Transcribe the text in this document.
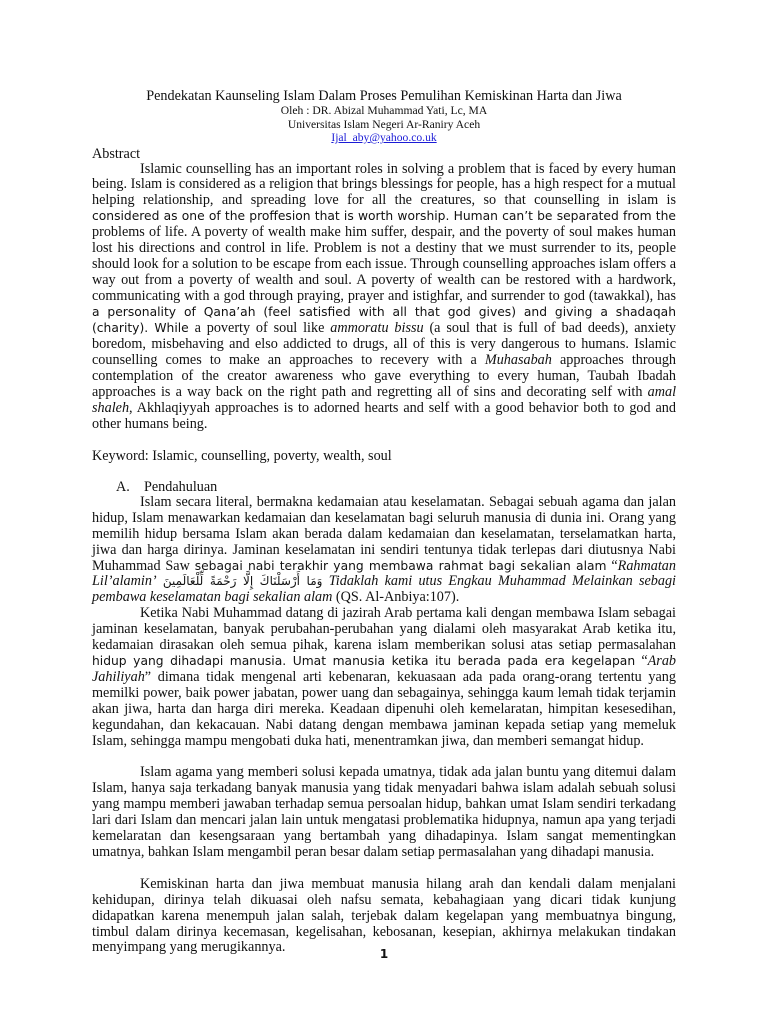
Pendekatan Kaunseling Islam Dalam Proses Pemulihan Kemiskinan Harta dan Jiwa
Oleh : DR. Abizal Muhammad Yati, Lc, MA
Universitas Islam Negeri Ar-Raniry Aceh
Ijal_aby@yahoo.co.uk
Abstract

Islamic counselling has an important roles in solving a problem that is faced by every human being. Islam is considered as a religion that brings blessings for people, has a high respect for a mutual helping relationship, and spreading love for all the creatures, so that counselling in islam is considered as one of the proffesion that is worth worship. Human can’t be separated from the problems of life. A poverty of wealth make him suffer, despair, and the poverty of soul makes human lost his directions and control in life. Problem is not a destiny that we must surrender to its, people should look for a solution to be escape from each issue. Through counselling approaches islam offers a way out from a poverty of wealth and soul. A poverty of wealth can be restored with a hardwork, communicating with a god through praying, prayer and istighfar, and surrender to god (tawakkal), has a personality of Qana’ah (feel satisfied with all that god gives) and giving a shadaqah (charity). While a poverty of soul like ammoratu bissu (a soul that is full of bad deeds), anxiety boredom, misbehaving and elso addicted to drugs, all of this is very dangerous to humans. Islamic counselling comes to make an approaches to recevery with a Muhasabah approaches through contemplation of the creator awareness who gave everything to every human, Taubah Ibadah approaches is a way back on the right path and regretting all of sins and decorating self with amal shaleh, Akhlaqiyyah approaches is to adorned hearts and self with a good behavior both to god and other humans being.

Keyword: Islamic, counselling, poverty, wealth, soul
A.    Pendahuluan

Islam secara literal, bermakna kedamaian atau keselamatan. Sebagai sebuah agama dan jalan hidup, Islam menawarkan kedamaian dan keselamatan bagi seluruh manusia di dunia ini. Orang yang memilih hidup bersama Islam akan berada dalam kedamaian dan keselamatan, terselamatkan harta, jiwa dan harga dirinya. Jaminan keselamatan ini sendiri tentunya tidak terlepas dari diutusnya Nabi Muhammad Saw sebagai nabi terakhir yang membawa rahmat bagi sekalian alam “Rahmatan Lil’alamin’ وَمَا أَرْسَلْنَاكَ إِلَّا رَحْمَةً لِّلْعَالَمِينَ Tidaklah kami utus Engkau Muhammad Melainkan sebagi pembawa keselamatan bagi sekalian alam (QS. Al-Anbiya:107).

Ketika Nabi Muhammad datang di jazirah Arab pertama kali dengan membawa Islam sebagai jaminan keselamatan, banyak perubahan-perubahan yang dialami oleh masyarakat Arab ketika itu, kedamaian dirasakan oleh semua pihak, karena islam memberikan solusi atas setiap permasalahan hidup yang dihadapi manusia. Umat manusia ketika itu berada pada era kegelapan “Arab Jahiliyah” dimana tidak mengenal arti kebenaran, kekuasaan ada pada orang-orang tertentu yang memilki power, baik power jabatan, power uang dan sebagainya, sehingga kaum lemah tidak terjamin akan jiwa, harta dan harga diri mereka. Keadaan dipenuhi oleh kemelaratan, himpitan kesesedihan, kegundahan, dan kekacauan. Nabi datang dengan membawa jaminan kepada setiap yang memeluk Islam, sehingga mampu mengobati duka hati, menentramkan jiwa, dan memberi semangat hidup.

Islam agama yang memberi solusi kepada umatnya, tidak ada jalan buntu yang ditemui dalam Islam, hanya saja terkadang banyak manusia yang tidak menyadari bahwa islam adalah sebuah solusi yang mampu memberi jawaban terhadap semua persoalan hidup, bahkan umat Islam sendiri terkadang lari dari Islam dan mencari jalan lain untuk mengatasi problematika hidupnya, namun apa yang terjadi kemelaratan dan kesengsaraan yang bertambah yang dihadapinya. Islam sangat mementingkan umatnya, bahkan Islam mengambil peran besar dalam setiap permasalahan yang dihadapi manusia.

Kemiskinan harta dan jiwa membuat manusia hilang arah dan kendali dalam menjalani kehidupan, dirinya telah dikuasai oleh nafsu semata, kebahagiaan yang dicari tidak kunjung didapatkan karena menempuh jalan salah, terjebak dalam kegelapan yang membuatnya bingung, timbul dalam dirinya kecemasan, kegelisahan, kebosanan, kesepian, akhirnya melakukan tindakan menyimpang yang merugikannya.	1
